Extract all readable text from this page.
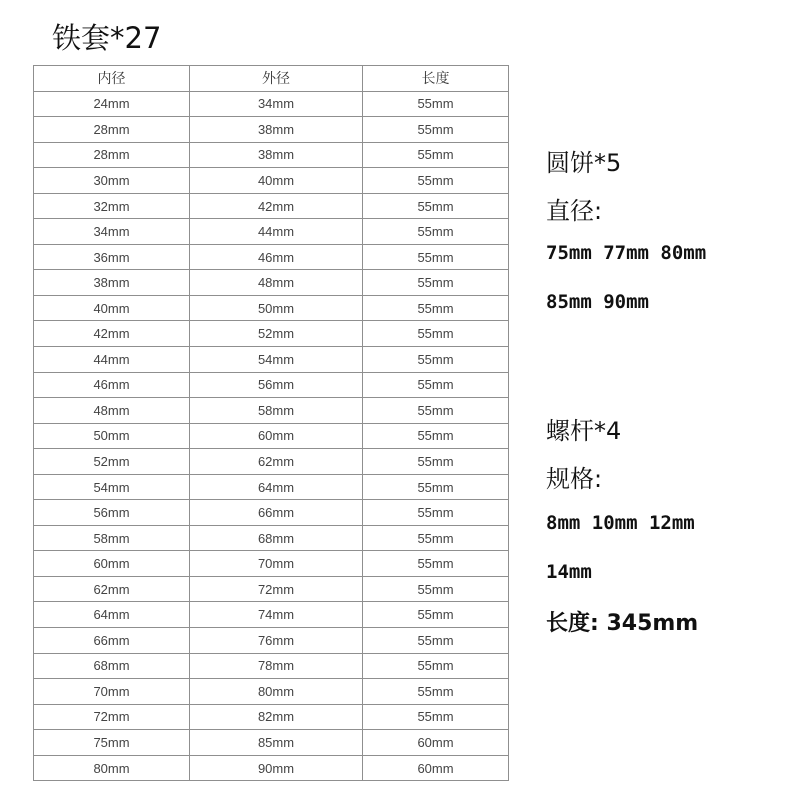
铁套*27
内径	外径	长度
24mm	34mm	55mm
28mm	38mm	55mm
28mm	38mm	55mm
30mm	40mm	55mm
32mm	42mm	55mm
34mm	44mm	55mm
36mm	46mm	55mm
38mm	48mm	55mm
40mm	50mm	55mm
42mm	52mm	55mm
44mm	54mm	55mm
46mm	56mm	55mm
48mm	58mm	55mm
50mm	60mm	55mm
52mm	62mm	55mm
54mm	64mm	55mm
56mm	66mm	55mm
58mm	68mm	55mm
60mm	70mm	55mm
62mm	72mm	55mm
64mm	74mm	55mm
66mm	76mm	55mm
68mm	78mm	55mm
70mm	80mm	55mm
72mm	82mm	55mm
75mm	85mm	60mm
80mm	90mm	60mm
圆饼*5
直径:
75mm 77mm 80mm
85mm 90mm
螺杆*4
规格:
8mm 10mm 12mm
14mm
长度: 345mm
